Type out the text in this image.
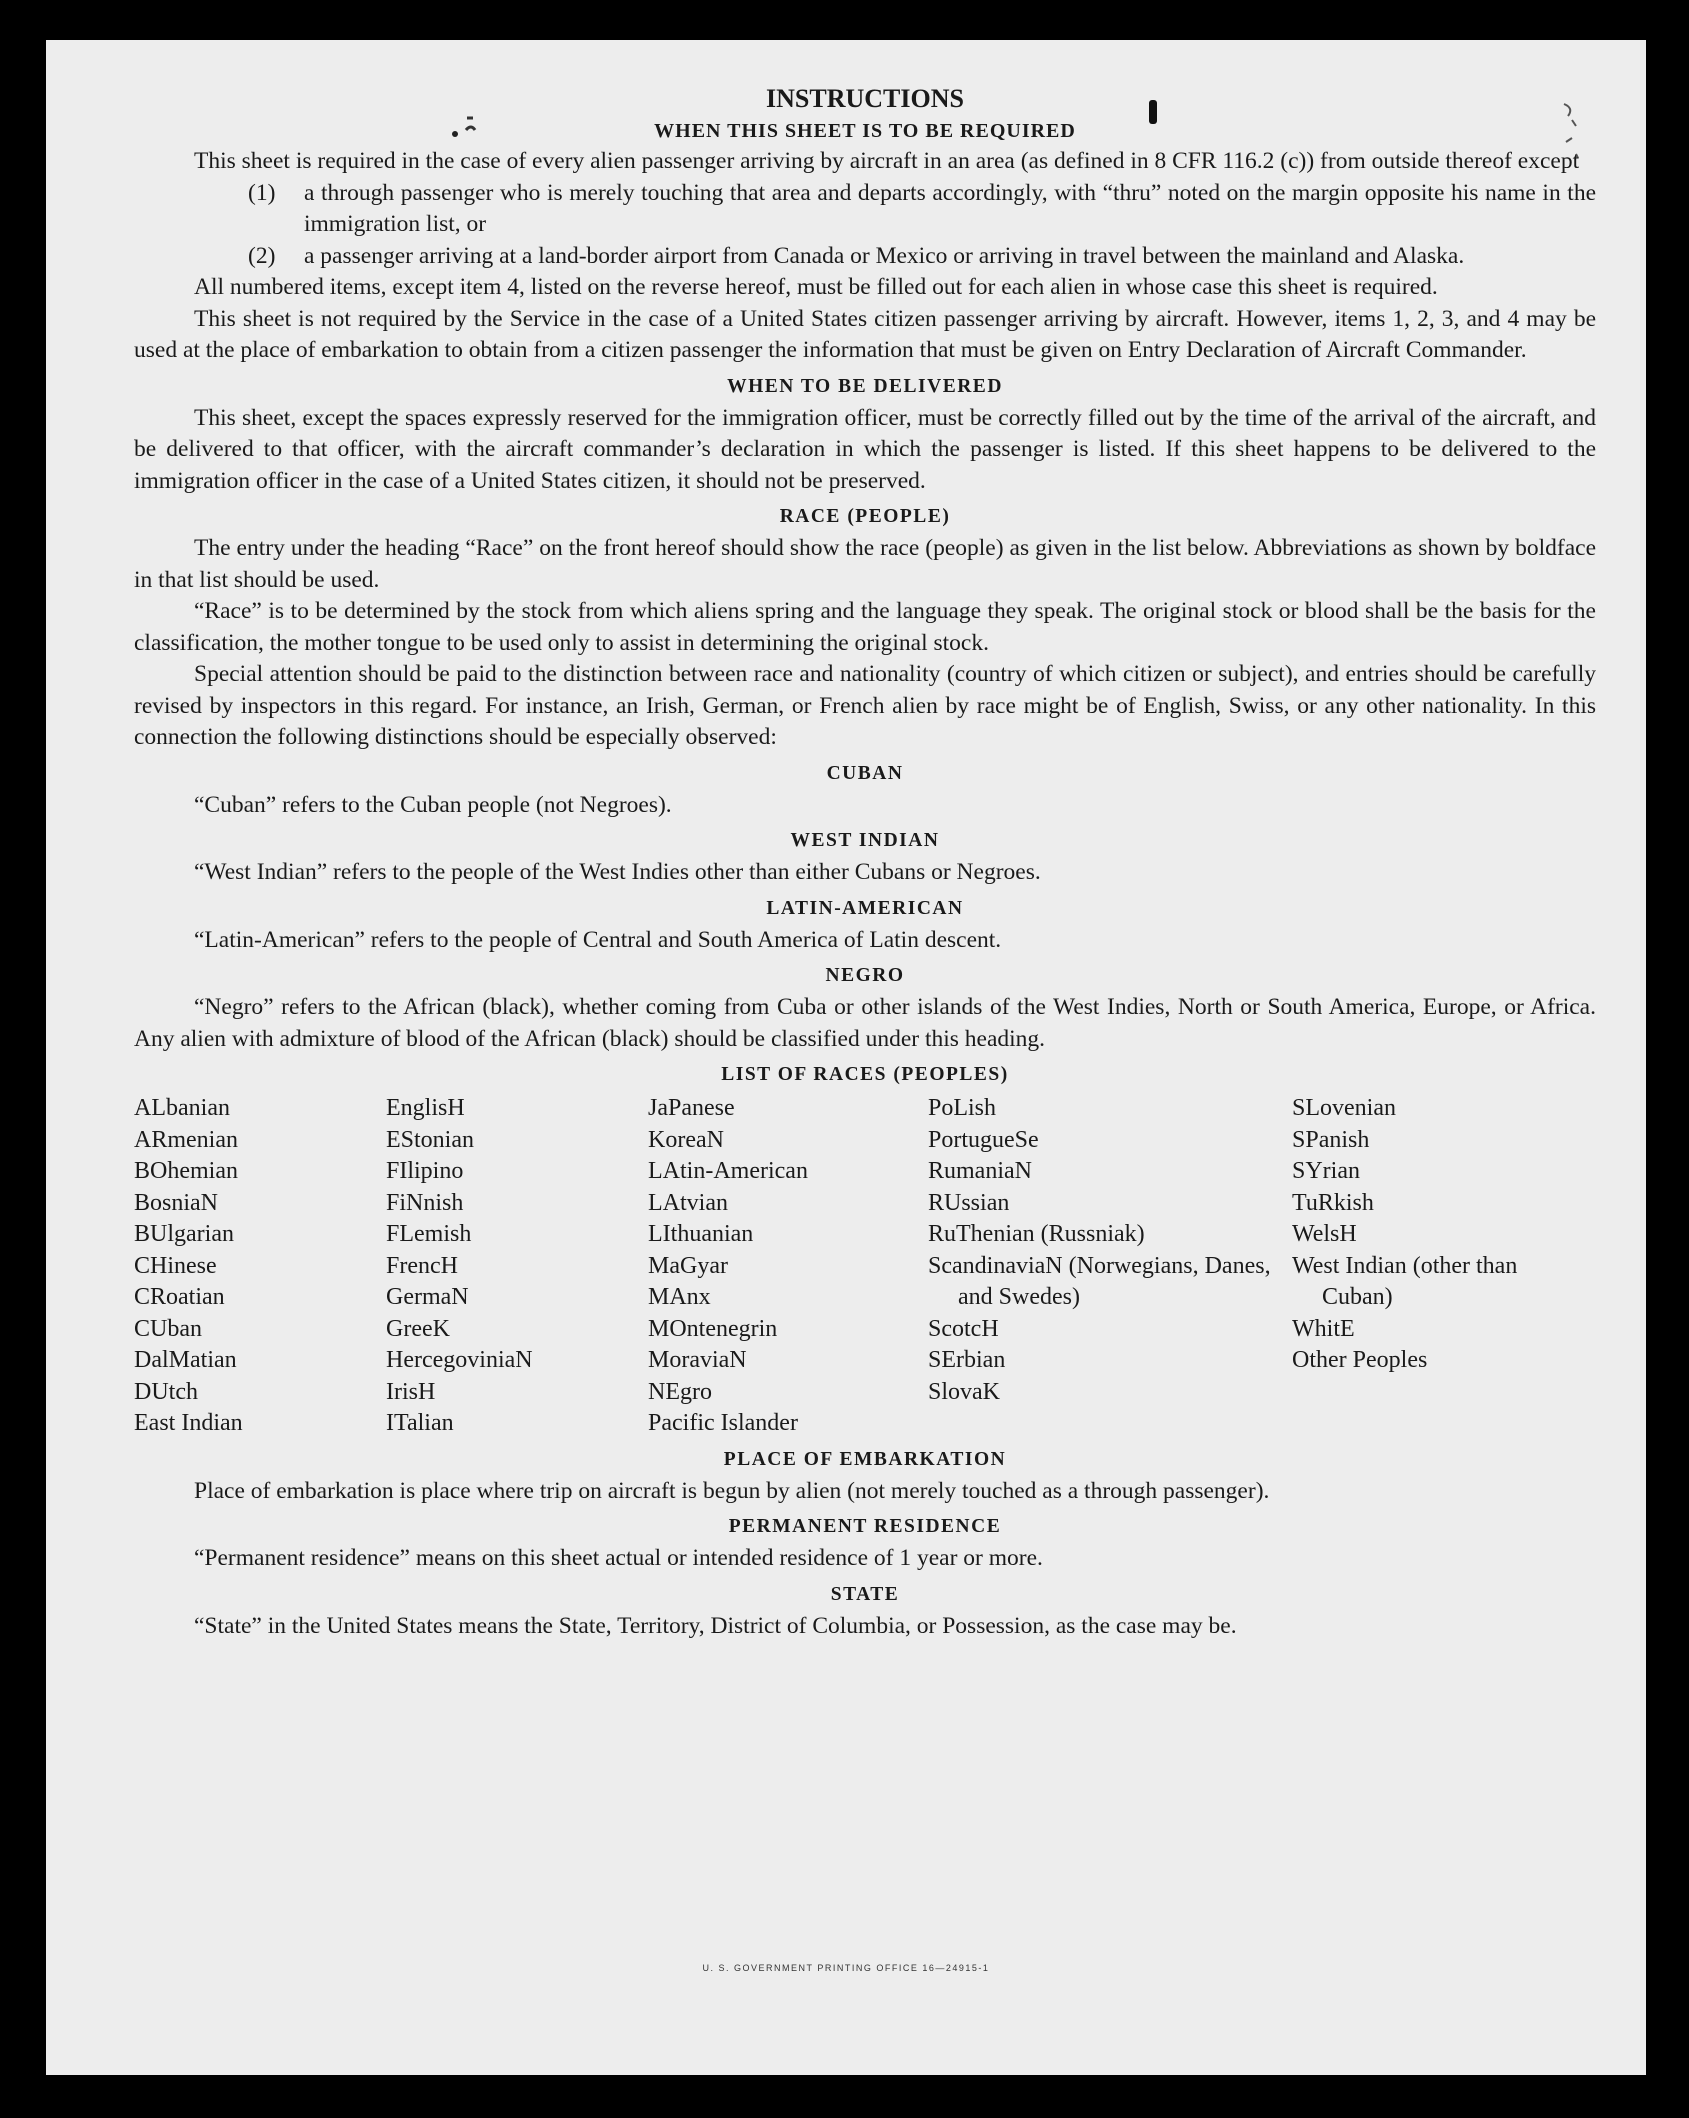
INSTRUCTIONS
WHEN THIS SHEET IS TO BE REQUIRED

This sheet is required in the case of every alien passenger arriving by aircraft in an area (as defined in 8 CFR 116.2 (c)) from outside thereof except

(1)	a through passenger who is merely touching that area and departs accordingly, with “thru” noted on the margin opposite his name in the immigration list, or
(2)	a passenger arriving at a land-border airport from Canada or Mexico or arriving in travel between the mainland and Alaska.

All numbered items, except item 4, listed on the reverse hereof, must be filled out for each alien in whose case this sheet is required.

This sheet is not required by the Service in the case of a United States citizen passenger arriving by aircraft. However, items 1, 2, 3, and 4 may be used at the place of embarkation to obtain from a citizen passenger the information that must be given on Entry Declaration of Aircraft Commander.

WHEN TO BE DELIVERED

This sheet, except the spaces expressly reserved for the immigration officer, must be correctly filled out by the time of the arrival of the aircraft, and be delivered to that officer, with the aircraft commander’s declaration in which the passenger is listed. If this sheet happens to be delivered to the immigration officer in the case of a United States citizen, it should not be preserved.

RACE (PEOPLE)

The entry under the heading “Race” on the front hereof should show the race (people) as given in the list below. Abbreviations as shown by boldface in that list should be used.

“Race” is to be determined by the stock from which aliens spring and the language they speak. The original stock or blood shall be the basis for the classification, the mother tongue to be used only to assist in determining the original stock.

Special attention should be paid to the distinction between race and nationality (country of which citizen or subject), and entries should be carefully revised by inspectors in this regard. For instance, an Irish, German, or French alien by race might be of English, Swiss, or any other nationality. In this connection the following distinctions should be especially observed:

CUBAN

“Cuban” refers to the Cuban people (not Negroes).

WEST INDIAN

“West Indian” refers to the people of the West Indies other than either Cubans or Negroes.

LATIN-AMERICAN

“Latin-American” refers to the people of Central and South America of Latin descent.

NEGRO

“Negro” refers to the African (black), whether coming from Cuba or other islands of the West Indies, North or South America, Europe, or Africa. Any alien with admixture of blood of the African (black) should be classified under this heading.

LIST OF RACES (PEOPLES)
ALbanian
ARmenian
BOhemian
BosniaN
BUlgarian
CHinese
CRoatian
CUban
DalMatian
DUtch
East Indian
EnglisH
EStonian
FIlipino
FiNnish
FLemish
FrencH
GermaN
GreeK
HercegoviniaN
IrisH
ITalian
JaPanese
KoreaN
LAtin-American
LAtvian
LIthuanian
MaGyar
MAnx
MOntenegrin
MoraviaN
NEgro
Pacific Islander
PoLish
PortugueSe
RumaniaN
RUssian
RuThenian (Russniak)
ScandinaviaN (Norwegians, Danes, and Swedes)
ScotcH
SErbian
SlovaK
SLovenian
SPanish
SYrian
TuRkish
WelsH
West Indian (other than Cuban)
WhitE
Other Peoples
PLACE OF EMBARKATION

Place of embarkation is place where trip on aircraft is begun by alien (not merely touched as a through passenger).

PERMANENT RESIDENCE

“Permanent residence” means on this sheet actual or intended residence of 1 year or more.

STATE

“State” in the United States means the State, Territory, District of Columbia, or Possession, as the case may be.

U. S. GOVERNMENT PRINTING OFFICE 16—24915-1
